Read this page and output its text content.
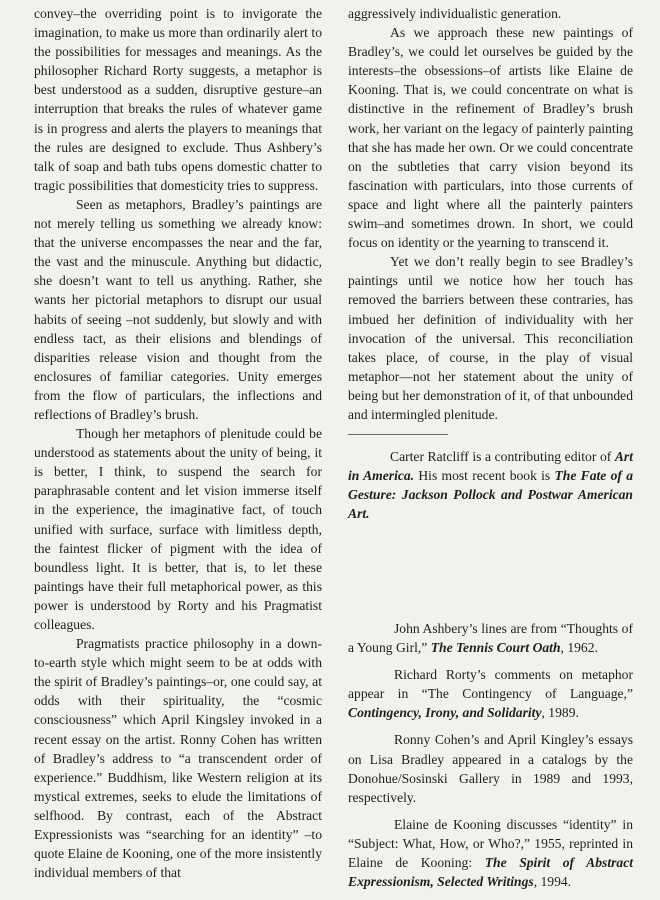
convey–the overriding point is to invigorate the imagination, to make us more than ordinarily alert to the possibilities for messages and meanings. As the philosopher Richard Rorty suggests, a metaphor is best understood as a sudden, disruptive gesture–an interruption that breaks the rules of whatever game is in progress and alerts the players to meanings that the rules are designed to exclude. Thus Ashbery’s talk of soap and bath tubs opens domestic chatter to tragic possibilities that domesticity tries to suppress.

Seen as metaphors, Bradley’s paintings are not merely telling us something we already know: that the universe encompasses the near and the far, the vast and the minuscule. Anything but didactic, she doesn’t want to tell us anything. Rather, she wants her pictorial metaphors to disrupt our usual habits of seeing –not suddenly, but slowly and with endless tact, as their elisions and blendings of disparities release vision and thought from the enclosures of familiar categories. Unity emerges from the flow of particulars, the inflections and reflections of Bradley’s brush.

Though her metaphors of plenitude could be understood as statements about the unity of being, it is better, I think, to suspend the search for paraphrasable content and let vision immerse itself in the experience, the imaginative fact, of touch unified with surface, surface with limitless depth, the faintest flicker of pigment with the idea of boundless light. It is better, that is, to let these paintings have their full metaphorical power, as this power is understood by Rorty and his Pragmatist colleagues.

Pragmatists practice philosophy in a down-to-earth style which might seem to be at odds with the spirit of Bradley’s paintings–or, one could say, at odds with their spirituality, the “cosmic consciousness” which April Kingsley invoked in a recent essay on the artist. Ronny Cohen has written of Bradley’s address to “a transcendent order of experience.” Buddhism, like Western religion at its mystical extremes, seeks to elude the limitations of selfhood. By contrast, each of the Abstract Expressionists was “searching for an identity” –to quote Elaine de Kooning, one of the more insistently individual members of that

aggressively individualistic generation.

As we approach these new paintings of Bradley’s, we could let ourselves be guided by the interests–the obsessions–of artists like Elaine de Kooning. That is, we could concentrate on what is distinctive in the refinement of Bradley’s brush work, her variant on the legacy of painterly painting that she has made her own. Or we could concentrate on the subtleties that carry vision beyond its fascination with particulars, into those currents of space and light where all the painterly painters swim–and sometimes drown. In short, we could focus on identity or the yearning to transcend it.

Yet we don’t really begin to see Bradley’s paintings until we notice how her touch has removed the barriers between these contraries, has imbued her definition of individuality with her invocation of the universal. This reconciliation takes place, of course, in the play of visual metaphor—not her statement about the unity of being but her demonstration of it, of that unbounded and intermingled plenitude.

Carter Ratcliff is a contributing editor of Art in America. His most recent book is The Fate of a Gesture: Jackson Pollock and Postwar American Art.

John Ashbery’s lines are from “Thoughts of a Young Girl,” The Tennis Court Oath, 1962.

Richard Rorty’s comments on metaphor appear in “The Contingency of Language,” Contingency, Irony, and Solidarity, 1989.

Ronny Cohen’s and April Kingley’s essays on Lisa Bradley appeared in a catalogs by the Donohue/Sosinski Gallery in 1989 and 1993, respectively.

Elaine de Kooning discusses “identity” in “Subject: What, How, or Who?,” 1955, reprinted in Elaine de Kooning: The Spirit of Abstract Expressionism, Selected Writings, 1994.
